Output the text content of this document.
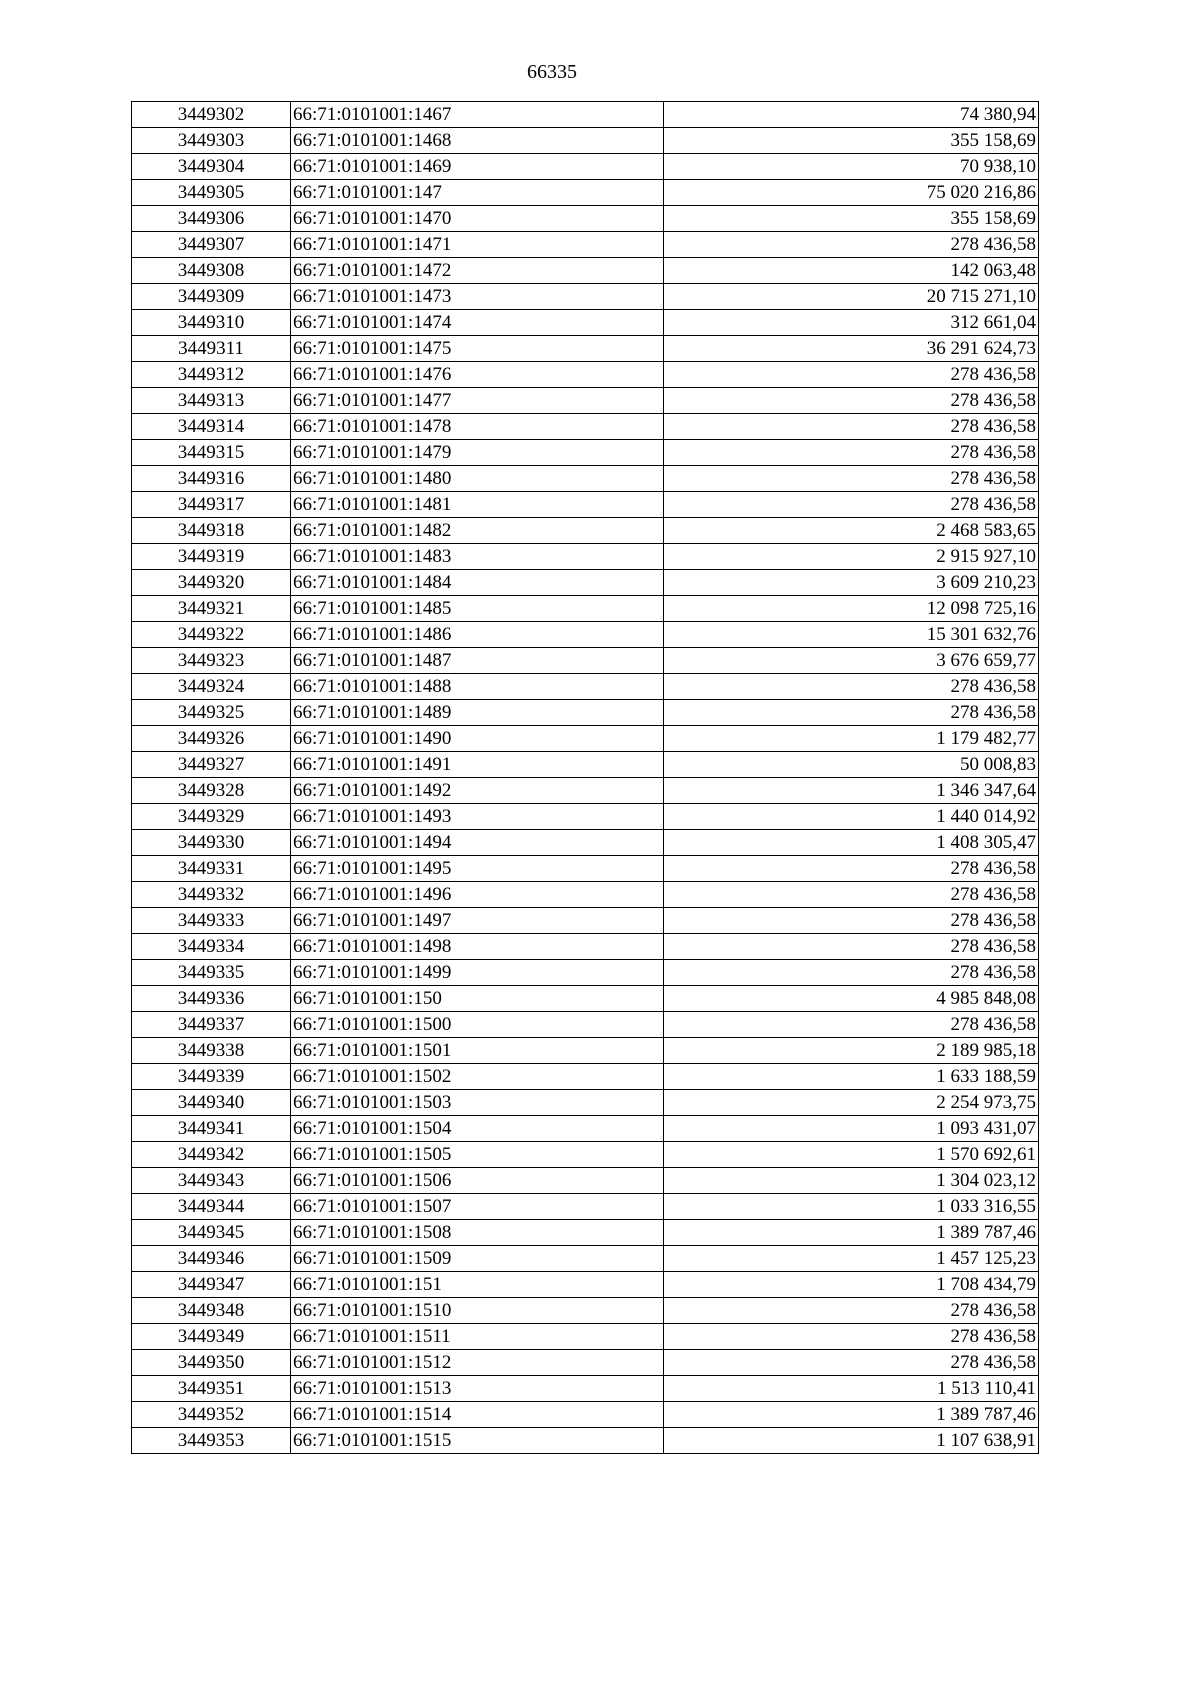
66335
3449302	66:71:0101001:1467	74 380,94
3449303	66:71:0101001:1468	355 158,69
3449304	66:71:0101001:1469	70 938,10
3449305	66:71:0101001:147	75 020 216,86
3449306	66:71:0101001:1470	355 158,69
3449307	66:71:0101001:1471	278 436,58
3449308	66:71:0101001:1472	142 063,48
3449309	66:71:0101001:1473	20 715 271,10
3449310	66:71:0101001:1474	312 661,04
3449311	66:71:0101001:1475	36 291 624,73
3449312	66:71:0101001:1476	278 436,58
3449313	66:71:0101001:1477	278 436,58
3449314	66:71:0101001:1478	278 436,58
3449315	66:71:0101001:1479	278 436,58
3449316	66:71:0101001:1480	278 436,58
3449317	66:71:0101001:1481	278 436,58
3449318	66:71:0101001:1482	2 468 583,65
3449319	66:71:0101001:1483	2 915 927,10
3449320	66:71:0101001:1484	3 609 210,23
3449321	66:71:0101001:1485	12 098 725,16
3449322	66:71:0101001:1486	15 301 632,76
3449323	66:71:0101001:1487	3 676 659,77
3449324	66:71:0101001:1488	278 436,58
3449325	66:71:0101001:1489	278 436,58
3449326	66:71:0101001:1490	1 179 482,77
3449327	66:71:0101001:1491	50 008,83
3449328	66:71:0101001:1492	1 346 347,64
3449329	66:71:0101001:1493	1 440 014,92
3449330	66:71:0101001:1494	1 408 305,47
3449331	66:71:0101001:1495	278 436,58
3449332	66:71:0101001:1496	278 436,58
3449333	66:71:0101001:1497	278 436,58
3449334	66:71:0101001:1498	278 436,58
3449335	66:71:0101001:1499	278 436,58
3449336	66:71:0101001:150	4 985 848,08
3449337	66:71:0101001:1500	278 436,58
3449338	66:71:0101001:1501	2 189 985,18
3449339	66:71:0101001:1502	1 633 188,59
3449340	66:71:0101001:1503	2 254 973,75
3449341	66:71:0101001:1504	1 093 431,07
3449342	66:71:0101001:1505	1 570 692,61
3449343	66:71:0101001:1506	1 304 023,12
3449344	66:71:0101001:1507	1 033 316,55
3449345	66:71:0101001:1508	1 389 787,46
3449346	66:71:0101001:1509	1 457 125,23
3449347	66:71:0101001:151	1 708 434,79
3449348	66:71:0101001:1510	278 436,58
3449349	66:71:0101001:1511	278 436,58
3449350	66:71:0101001:1512	278 436,58
3449351	66:71:0101001:1513	1 513 110,41
3449352	66:71:0101001:1514	1 389 787,46
3449353	66:71:0101001:1515	1 107 638,91
